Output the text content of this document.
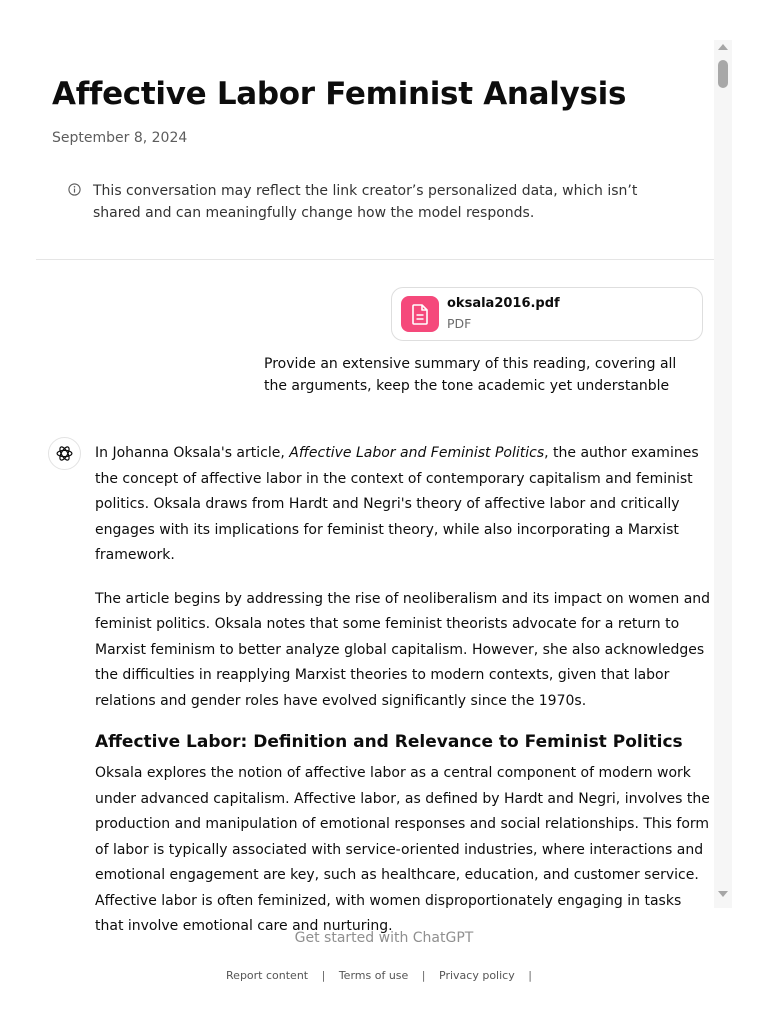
Affective Labor Feminist Analysis
September 8, 2024
This conversation may reflect the link creator’s personalized data, which isn’t shared and can meaningfully change how the model responds.
oksala2016.pdf
PDF
Provide an extensive summary of this reading, covering all the arguments, keep the tone academic yet understanble

In Johanna Oksala's article, Affective Labor and Feminist Politics, the author examines the concept of affective labor in the context of contemporary capitalism and feminist politics. Oksala draws from Hardt and Negri's theory of affective labor and critically engages with its implications for feminist theory, while also incorporating a Marxist framework.

The article begins by addressing the rise of neoliberalism and its impact on women and feminist politics. Oksala notes that some feminist theorists advocate for a return to Marxist feminism to better analyze global capitalism. However, she also acknowledges the difficulties in reapplying Marxist theories to modern contexts, given that labor relations and gender roles have evolved significantly since the 1970s.

Affective Labor: Definition and Relevance to Feminist Politics

Oksala explores the notion of affective labor as a central component of modern work under advanced capitalism. Affective labor, as defined by Hardt and Negri, involves the production and manipulation of emotional responses and social relationships. This form of labor is typically associated with service-oriented industries, where interactions and emotional engagement are key, such as healthcare, education, and customer service. Affective labor is often feminized, with women disproportionately engaging in tasks that involve emotional care and nurturing.

Get started with ChatGPT
Report content | Terms of use | Privacy policy |
